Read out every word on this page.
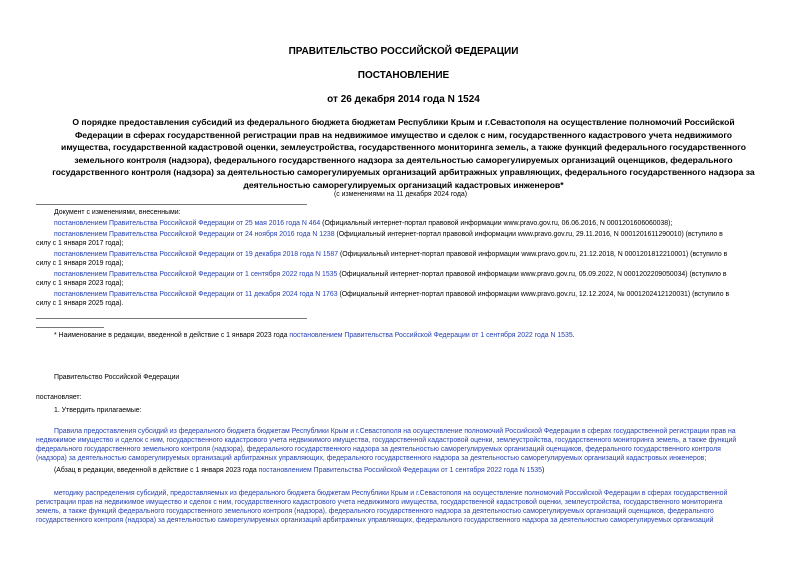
ПРАВИТЕЛЬСТВО РОССИЙСКОЙ ФЕДЕРАЦИИ
ПОСТАНОВЛЕНИЕ
от 26 декабря 2014 года N 1524
О порядке предоставления субсидий из федерального бюджета бюджетам Республики Крым и г.Севастополя на осуществление полномочий Российской
Федерации в сферах государственной регистрации прав на недвижимое имущество и сделок с ним, государственного кадастрового учета недвижимого
имущества, государственной кадастровой оценки, землеустройства, государственного мониторинга земель, а также функций федерального государственного
земельного контроля (надзора), федерального государственного надзора за деятельностью саморегулируемых организаций оценщиков, федерального
государственного контроля (надзора) за деятельностью саморегулируемых организаций арбитражных управляющих, федерального государственного надзора за
деятельностью саморегулируемых организаций кадастровых инженеров*
(с изменениями на 11 декабря 2024 года)
Документ с изменениями, внесенными:
постановлением Правительства Российской Федерации от 25 мая 2016 года N 464 (Официальный интернет-портал правовой информации www.pravo.gov.ru, 06.06.2016, N 0001201606060038);
постановлением Правительства Российской Федерации от 24 ноября 2016 года N 1238 (Официальный интернет-портал правовой информации www.pravo.gov.ru, 29.11.2016, N 0001201611290010) (вступило в
силу с 1 января 2017 года);
постановлением Правительства Российской Федерации от 19 декабря 2018 года N 1587 (Официальный интернет-портал правовой информации www.pravo.gov.ru, 21.12.2018, N 0001201812210001) (вступило в
силу с 1 января 2019 года);
постановлением Правительства Российской Федерации от 1 сентября 2022 года N 1535 (Официальный интернет-портал правовой информации www.pravo.gov.ru, 05.09.2022, N 0001202209050034) (вступило в
силу с 1 января 2023 года);
постановлением Правительства Российской Федерации от 11 декабря 2024 года N 1763 (Официальный интернет-портал правовой информации www.pravo.gov.ru, 12.12.2024, № 0001202412120031) (вступило в
силу с 1 января 2025 года).
* Наименование в редакции, введенной в действие с 1 января 2023 года постановлением Правительства Российской Федерации от 1 сентября 2022 года N 1535.
Правительство Российской Федерации
постановляет:
1. Утвердить прилагаемые:
Правила предоставления субсидий из федерального бюджета бюджетам Республики Крым и г.Севастополя на осуществление полномочий Российской Федерации в сферах государственной регистрации прав на
недвижимое имущество и сделок с ним, государственного кадастрового учета недвижимого имущества, государственной кадастровой оценки, землеустройства, государственного мониторинга земель, а также функций
федерального государственного земельного контроля (надзора), федерального государственного надзора за деятельностью саморегулируемых организаций оценщиков, федерального государственного контроля
(надзора) за деятельностью саморегулируемых организаций арбитражных управляющих, федерального государственного надзора за деятельностью саморегулируемых организаций кадастровых инженеров;
(Абзац в редакции, введенной в действие с 1 января 2023 года постановлением Правительства Российской Федерации от 1 сентября 2022 года N 1535)
методику распределения субсидий, предоставляемых из федерального бюджета бюджетам Республики Крым и г.Севастополя на осуществление полномочий Российской Федерации в сферах государственной
регистрации прав на недвижимое имущество и сделок с ним, государственного кадастрового учета недвижимого имущества, государственной кадастровой оценки, землеустройства, государственного мониторинга
земель, а также функций федерального государственного земельного контроля (надзора), федерального государственного надзора за деятельностью саморегулируемых организаций оценщиков, федерального
государственного контроля (надзора) за деятельностью саморегулируемых организаций арбитражных управляющих, федерального государственного надзора за деятельностью саморегулируемых организаций
